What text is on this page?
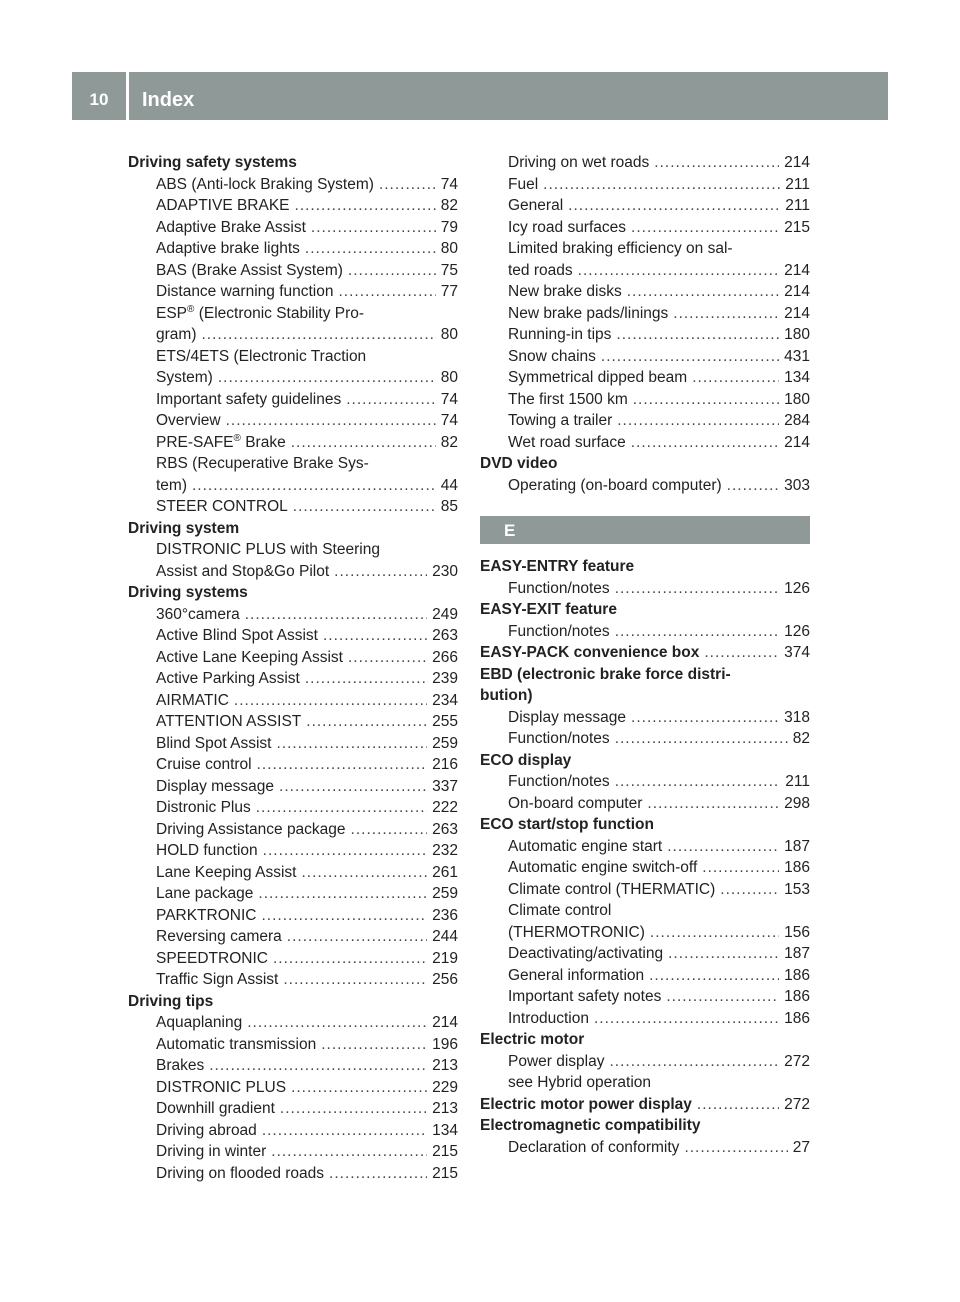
10	Index
Driving safety systems
ABS (Anti-lock Braking System) .....	74
ADAPTIVE BRAKE .....	82
Adaptive Brake Assist .....	79
Adaptive brake lights .....	80
BAS (Brake Assist System) .....	75
Distance warning function .....	77
ESP® (Electronic Stability Pro-
gram) .....	80
ETS/4ETS (Electronic Traction
System) .....	80
Important safety guidelines .....	74
Overview .....	74
PRE-SAFE® Brake .....	82
RBS (Recuperative Brake Sys-
tem) .....	44
STEER CONTROL .....	85
Driving system
DISTRONIC PLUS with Steering
Assist and Stop&Go Pilot .....	230
Driving systems
360°camera .....	249
Active Blind Spot Assist .....	263
Active Lane Keeping Assist .....	266
Active Parking Assist .....	239
AIRMATIC .....	234
ATTENTION ASSIST .....	255
Blind Spot Assist .....	259
Cruise control .....	216
Display message .....	337
Distronic Plus .....	222
Driving Assistance package .....	263
HOLD function .....	232
Lane Keeping Assist .....	261
Lane package .....	259
PARKTRONIC .....	236
Reversing camera .....	244
SPEEDTRONIC .....	219
Traffic Sign Assist .....	256
Driving tips
Aquaplaning .....	214
Automatic transmission .....	196
Brakes .....	213
DISTRONIC PLUS .....	229
Downhill gradient .....	213
Driving abroad .....	134
Driving in winter .....	215
Driving on flooded roads .....	215
Driving on wet roads .....	214
Fuel .....	211
General .....	211
Icy road surfaces .....	215
Limited braking efficiency on sal-
ted roads .....	214
New brake disks .....	214
New brake pads/linings .....	214
Running-in tips .....	180
Snow chains .....	431
Symmetrical dipped beam .....	134
The first 1500 km .....	180
Towing a trailer .....	284
Wet road surface .....	214
DVD video
Operating (on-board computer) .....	303
E
EASY-ENTRY feature
Function/notes .....	126
EASY-EXIT feature
Function/notes .....	126
EASY-PACK convenience box .....	374
EBD (electronic brake force distri-
bution)
Display message .....	318
Function/notes .....	82
ECO display
Function/notes .....	211
On-board computer .....	298
ECO start/stop function
Automatic engine start .....	187
Automatic engine switch-off .....	186
Climate control (THERMATIC) .....	153
Climate control
(THERMOTRONIC) .....	156
Deactivating/activating .....	187
General information .....	186
Important safety notes .....	186
Introduction .....	186
Electric motor
Power display .....	272
see Hybrid operation
Electric motor power display .....	272
Electromagnetic compatibility
Declaration of conformity .....	27
